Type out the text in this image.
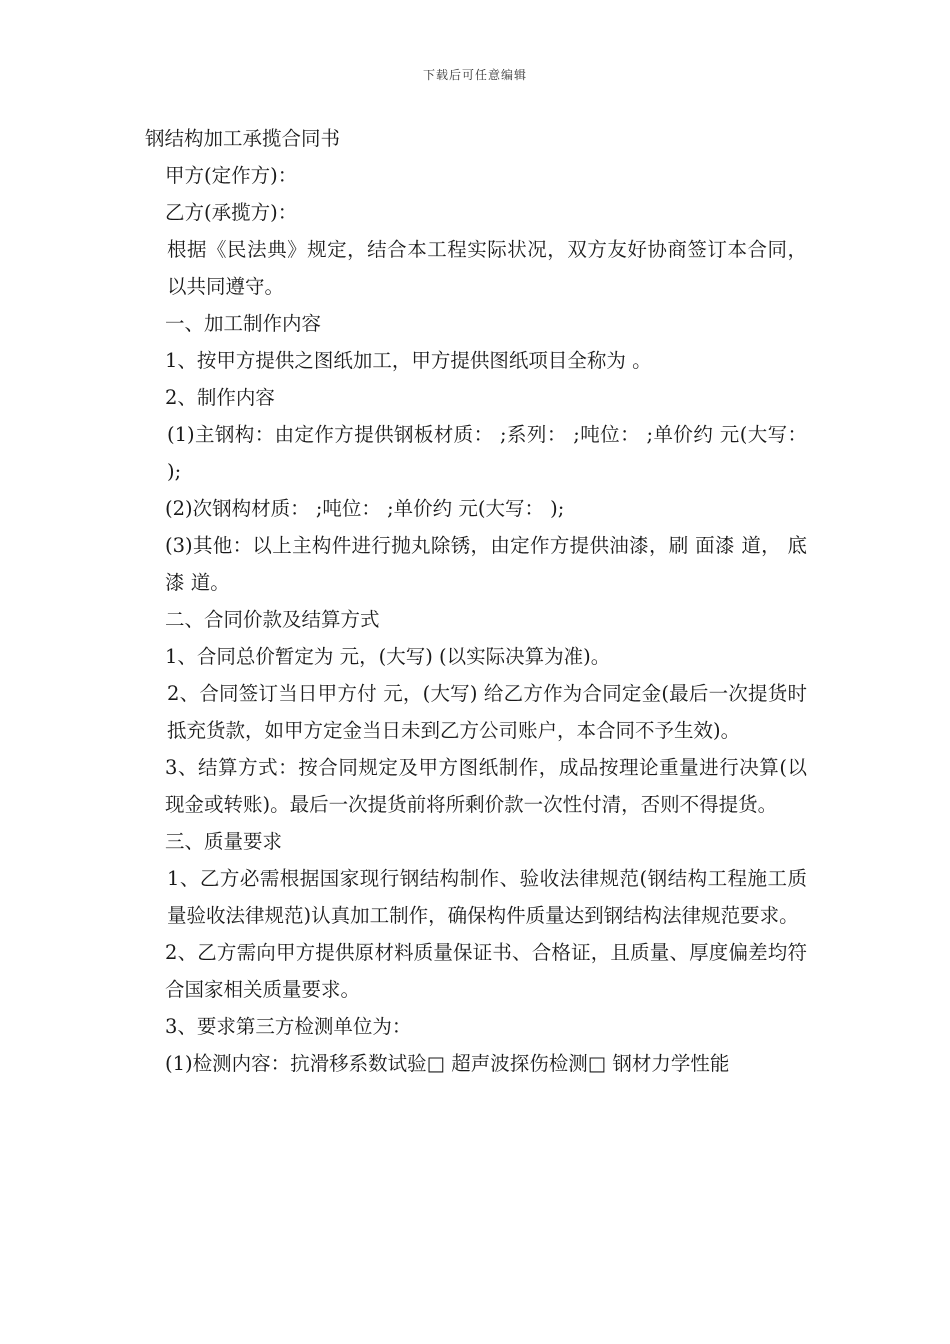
下载后可任意编辑

钢结构加工承揽合同书

甲方(定作方)：

乙方(承揽方)：

根据《民法典》规定，结合本工程实际状况，双方友好协商签订本合同，以共同遵守。

一、加工制作内容

1、按甲方提供之图纸加工，甲方提供图纸项目全称为 。

2、制作内容

(1)主钢构：由定作方提供钢板材质： ;系列： ;吨位： ;单价约 元(大写： );

(2)次钢构材质： ;吨位： ;单价约 元(大写： );

(3)其他：以上主构件进行抛丸除锈，由定作方提供油漆，刷 面漆 道， 底漆 道。

二、合同价款及结算方式

1、合同总价暂定为 元，(大写) (以实际决算为准)。

2、合同签订当日甲方付 元，(大写) 给乙方作为合同定金(最后一次提货时抵充货款，如甲方定金当日未到乙方公司账户，本合同不予生效)。

3、结算方式：按合同规定及甲方图纸制作，成品按理论重量进行决算(以现金或转账)。最后一次提货前将所剩价款一次性付清，否则不得提货。

三、质量要求

1、乙方必需根据国家现行钢结构制作、验收法律规范(钢结构工程施工质量验收法律规范)认真加工制作，确保构件质量达到钢结构法律规范要求。

2、乙方需向甲方提供原材料质量保证书、合格证，且质量、厚度偏差均符合国家相关质量要求。

3、要求第三方检测单位为：

(1)检测内容：抗滑移系数试验□ 超声波探伤检测□ 钢材力学性能
